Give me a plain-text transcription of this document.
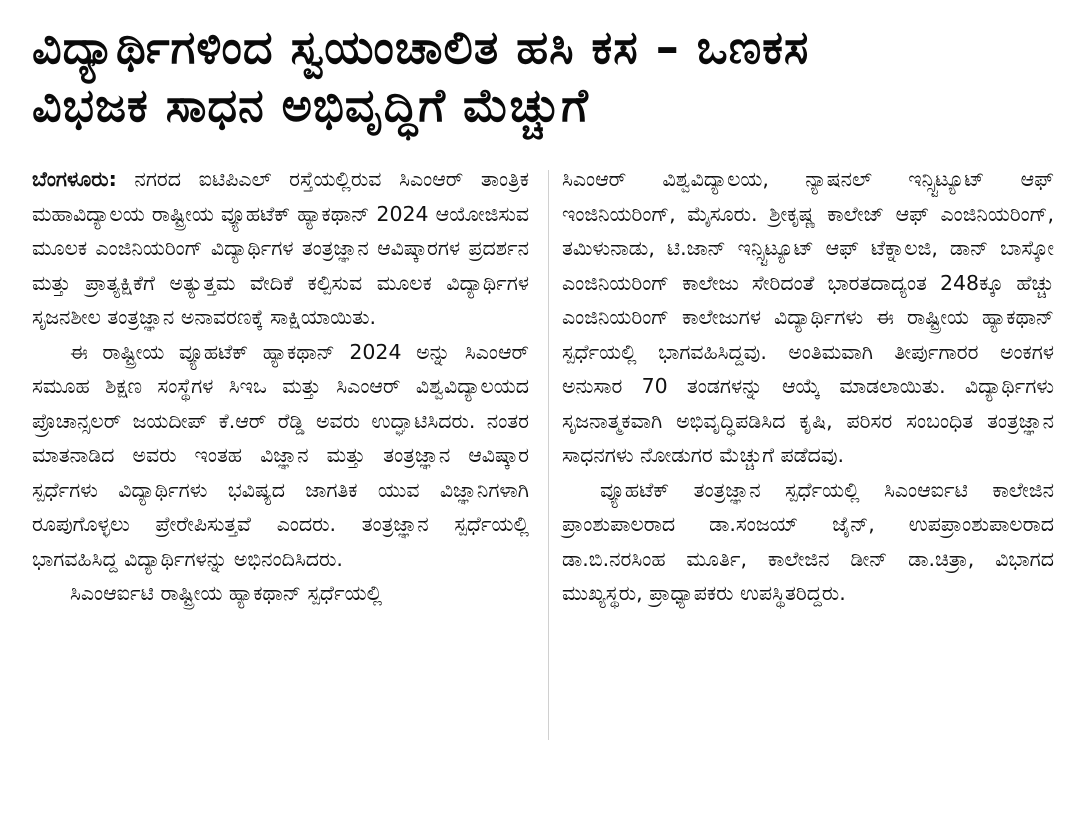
ವಿದ್ಯಾರ್ಥಿಗಳಿಂದ ಸ್ವಯಂಚಾಲಿತ ಹಸಿ ಕಸ – ಒಣಕಸ
ವಿಭಜಕ ಸಾಧನ ಅಭಿವೃದ್ಧಿಗೆ ಮೆಚ್ಚುಗೆ

ಬೆಂಗಳೂರು: ನಗರದ ಐಟಿಪಿಎಲ್ ರಸ್ತೆಯಲ್ಲಿರುವ ಸಿಎಂಆರ್ ತಾಂತ್ರಿಕ ಮಹಾವಿದ್ಯಾಲಯ ರಾಷ್ಟ್ರೀಯ ವ್ಯೂಹಟೆಕ್ ಹ್ಯಾಕಥಾನ್ 2024 ಆಯೋಜಿಸುವ ಮೂಲಕ ಎಂಜಿನಿಯರಿಂಗ್ ವಿದ್ಯಾರ್ಥಿಗಳ ತಂತ್ರಜ್ಞಾನ ಆವಿಷ್ಕಾರಗಳ ಪ್ರದರ್ಶನ ಮತ್ತು ಪ್ರಾತ್ಯಕ್ಷಿಕೆಗೆ ಅತ್ಯುತ್ತಮ ವೇದಿಕೆ ಕಲ್ಪಿಸುವ ಮೂಲಕ ವಿದ್ಯಾರ್ಥಿಗಳ ಸೃಜನಶೀಲ ತಂತ್ರಜ್ಞಾನ ಅನಾವರಣಕ್ಕೆ ಸಾಕ್ಷಿಯಾಯಿತು.

ಈ ರಾಷ್ಟ್ರೀಯ ವ್ಯೂಹಟೆಕ್ ಹ್ಯಾಕಥಾನ್ 2024 ಅನ್ನು ಸಿಎಂಆರ್ ಸಮೂಹ ಶಿಕ್ಷಣ ಸಂಸ್ಥೆಗಳ ಸಿಇಒ ಮತ್ತು ಸಿಎಂಆರ್ ವಿಶ್ವವಿದ್ಯಾಲಯದ ಪ್ರೊಚಾನ್ಸಲರ್ ಜಯದೀಪ್ ಕೆ.ಆರ್ ರೆಡ್ಡಿ ಅವರು ಉದ್ಘಾಟಿಸಿದರು. ನಂತರ ಮಾತನಾಡಿದ ಅವರು ಇಂತಹ ವಿಜ್ಞಾನ ಮತ್ತು ತಂತ್ರಜ್ಞಾನ ಆವಿಷ್ಕಾರ ಸ್ಪರ್ಧೆಗಳು ವಿದ್ಯಾರ್ಥಿಗಳು ಭವಿಷ್ಯದ ಜಾಗತಿಕ ಯುವ ವಿಜ್ಞಾನಿಗಳಾಗಿ ರೂಪುಗೊಳ್ಳಲು ಪ್ರೇರೇಪಿಸುತ್ತವೆ ಎಂದರು. ತಂತ್ರಜ್ಞಾನ ಸ್ಪರ್ಧೆಯಲ್ಲಿ ಭಾಗವಹಿಸಿದ್ದ ವಿದ್ಯಾರ್ಥಿಗಳನ್ನು ಅಭಿನಂದಿಸಿದರು.

ಸಿಎಂಆರ್ಐಟಿ ರಾಷ್ಟ್ರೀಯ ಹ್ಯಾಕಥಾನ್ ಸ್ಪರ್ಧೆಯಲ್ಲಿ

ಸಿಎಂಆರ್ ವಿಶ್ವವಿದ್ಯಾಲಯ, ನ್ಯಾಷನಲ್ ಇನ್ಸ್ಟಿಟ್ಯೂಟ್ ಆಫ್ ಇಂಜಿನಿಯರಿಂಗ್, ಮೈಸೂರು. ಶ್ರೀಕೃಷ್ಣ ಕಾಲೇಜ್ ಆಫ್ ಎಂಜಿನಿಯರಿಂಗ್, ತಮಿಳುನಾಡು, ಟಿ.ಜಾನ್ ಇನ್ಸ್ಟಿಟ್ಯೂಟ್ ಆಫ್ ಟೆಕ್ನಾಲಜಿ, ಡಾನ್ ಬಾಸ್ಕೋ ಎಂಜಿನಿಯರಿಂಗ್ ಕಾಲೇಜು ಸೇರಿದಂತೆ ಭಾರತದಾದ್ಯಂತ 248ಕ್ಕೂ ಹೆಚ್ಚು ಎಂಜಿನಿಯರಿಂಗ್ ಕಾಲೇಜುಗಳ ವಿದ್ಯಾರ್ಥಿಗಳು ಈ ರಾಷ್ಟ್ರೀಯ ಹ್ಯಾಕಥಾನ್ ಸ್ಪರ್ಧೆಯಲ್ಲಿ ಭಾಗವಹಿಸಿದ್ದವು. ಅಂತಿಮವಾಗಿ ತೀರ್ಪುಗಾರರ ಅಂಕಗಳ ಅನುಸಾರ 70 ತಂಡಗಳನ್ನು ಆಯ್ಕೆ ಮಾಡಲಾಯಿತು. ವಿದ್ಯಾರ್ಥಿಗಳು ಸೃಜನಾತ್ಮಕವಾಗಿ ಅಭಿವೃದ್ಧಿಪಡಿಸಿದ ಕೃಷಿ, ಪರಿಸರ ಸಂಬಂಧಿತ ತಂತ್ರಜ್ಞಾನ ಸಾಧನಗಳು ನೋಡುಗರ ಮೆಚ್ಚುಗೆ ಪಡೆದವು.

ವ್ಯೂಹಟೆಕ್ ತಂತ್ರಜ್ಞಾನ ಸ್ಪರ್ಧೆಯಲ್ಲಿ ಸಿಎಂಆರ್ಐಟಿ ಕಾಲೇಜಿನ ಪ್ರಾಂಶುಪಾಲರಾದ ಡಾ.ಸಂಜಯ್ ಜೈನ್, ಉಪಪ್ರಾಂಶುಪಾಲರಾದ ಡಾ.ಬಿ.ನರಸಿಂಹ ಮೂರ್ತಿ, ಕಾಲೇಜಿನ ಡೀನ್ ಡಾ.ಚಿತ್ರಾ, ವಿಭಾಗದ ಮುಖ್ಯಸ್ಥರು, ಪ್ರಾಧ್ಯಾಪಕರು ಉಪಸ್ಥಿತರಿದ್ದರು.
